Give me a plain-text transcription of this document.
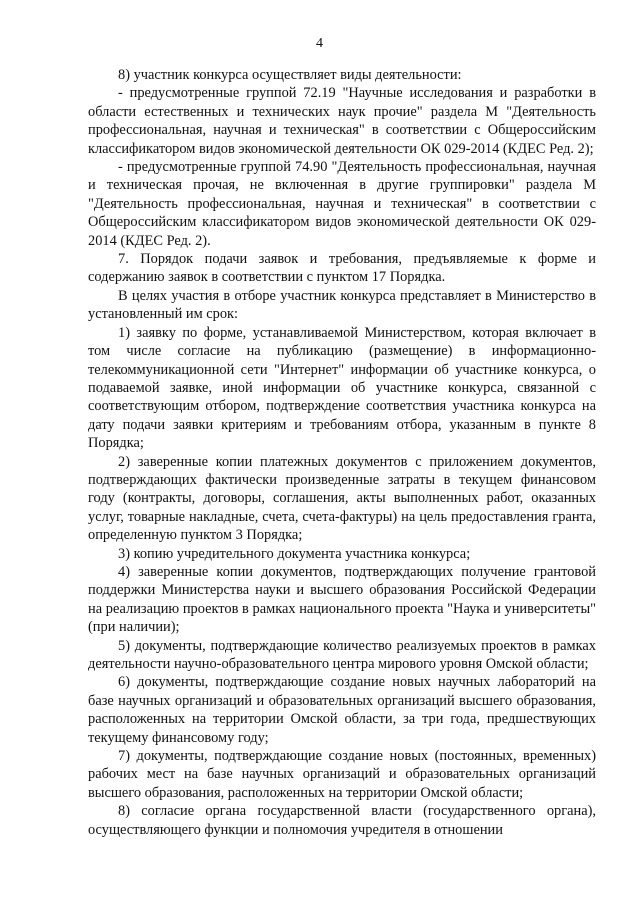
4

8) участник конкурса осуществляет виды деятельности:

- предусмотренные группой 72.19 "Научные исследования и разработки в области естественных и технических наук прочие" раздела М "Деятельность профессиональная, научная и техническая" в соответствии с Общероссийским классификатором видов экономической деятельности ОК 029-2014 (КДЕС Ред. 2);

- предусмотренные группой 74.90 "Деятельность профессиональная, научная и техническая прочая, не включенная в другие группировки" раздела М "Деятельность профессиональная, научная и техническая" в соответствии с Общероссийским классификатором видов экономической деятельности ОК 029-2014 (КДЕС Ред. 2).

7. Порядок подачи заявок и требования, предъявляемые к форме и содержанию заявок в соответствии с пунктом 17 Порядка.

В целях участия в отборе участник конкурса представляет в Министерство в установленный им срок:

1) заявку по форме, устанавливаемой Министерством, которая включает в том числе согласие на публикацию (размещение) в информационно-телекоммуникационной сети "Интернет" информации об участнике конкурса, о подаваемой заявке, иной информации об участнике конкурса, связанной с соответствующим отбором, подтверждение соответствия участника конкурса на дату подачи заявки критериям и требованиям отбора, указанным в пункте 8 Порядка;

2) заверенные копии платежных документов с приложением документов, подтверждающих фактически произведенные затраты в текущем финансовом году (контракты, договоры, соглашения, акты выполненных работ, оказанных услуг, товарные накладные, счета, счета-фактуры) на цель предоставления гранта, определенную пунктом 3 Порядка;

3) копию учредительного документа участника конкурса;

4) заверенные копии документов, подтверждающих получение грантовой поддержки Министерства науки и высшего образования Российской Федерации на реализацию проектов в рамках национального проекта "Наука и университеты" (при наличии);

5) документы, подтверждающие количество реализуемых проектов в рамках деятельности научно-образовательного центра мирового уровня Омской области;

6) документы, подтверждающие создание новых научных лабораторий на базе научных организаций и образовательных организаций высшего образования, расположенных на территории Омской области, за три года, предшествующих текущему финансовому году;

7) документы, подтверждающие создание новых (постоянных, временных) рабочих мест на базе научных организаций и образовательных организаций высшего образования, расположенных на территории Омской области;

8) согласие органа государственной власти (государственного органа), осуществляющего функции и полномочия учредителя в отношении
